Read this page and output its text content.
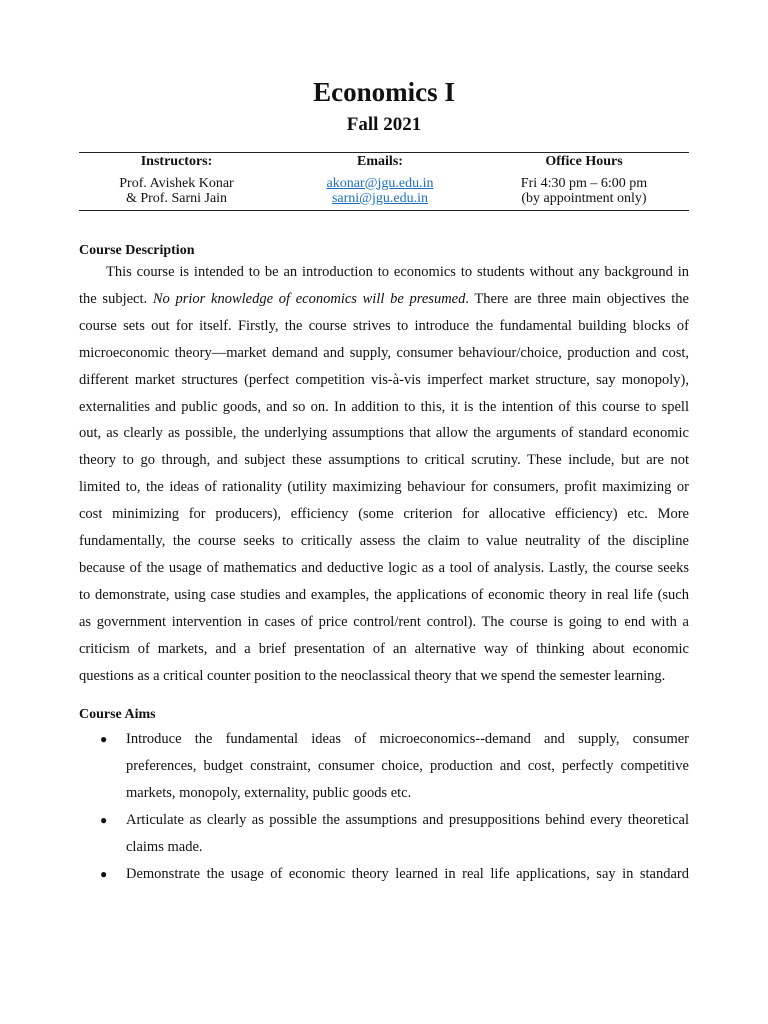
Economics I
Fall 2021
Instructors:
Prof. Avishek Konar
& Prof. Sarni Jain
Emails:
akonar@jgu.edu.in
sarni@jgu.edu.in
Office Hours
Fri 4:30 pm – 6:00 pm
(by appointment only)
Course Description
This course is intended to be an introduction to economics to students without any background in
the subject. No prior knowledge of economics will be presumed. There are three main objectives the
course sets out for itself. Firstly, the course strives to introduce the fundamental building blocks of
microeconomic theory—market demand and supply, consumer behaviour/choice, production and cost,
different market structures (perfect competition vis-à-vis imperfect market structure, say monopoly),
externalities and public goods, and so on. In addition to this, it is the intention of this course to spell
out, as clearly as possible, the underlying assumptions that allow the arguments of standard economic
theory to go through, and subject these assumptions to critical scrutiny. These include, but are not
limited to, the ideas of rationality (utility maximizing behaviour for consumers, profit maximizing or
cost minimizing for producers), efficiency (some criterion for allocative efficiency) etc. More
fundamentally, the course seeks to critically assess the claim to value neutrality of the discipline
because of the usage of mathematics and deductive logic as a tool of analysis. Lastly, the course seeks
to demonstrate, using case studies and examples, the applications of economic theory in real life (such
as government intervention in cases of price control/rent control). The course is going to end with a
criticism of markets, and a brief presentation of an alternative way of thinking about economic
questions as a critical counter position to the neoclassical theory that we spend the semester learning.
Course Aims
● Introduce the fundamental ideas of microeconomics--demand and supply, consumer
preferences, budget constraint, consumer choice, production and cost, perfectly competitive
markets, monopoly, externality, public goods etc.
● Articulate as clearly as possible the assumptions and presuppositions behind every theoretical
claims made.
● Demonstrate the usage of economic theory learned in real life applications, say in standard
